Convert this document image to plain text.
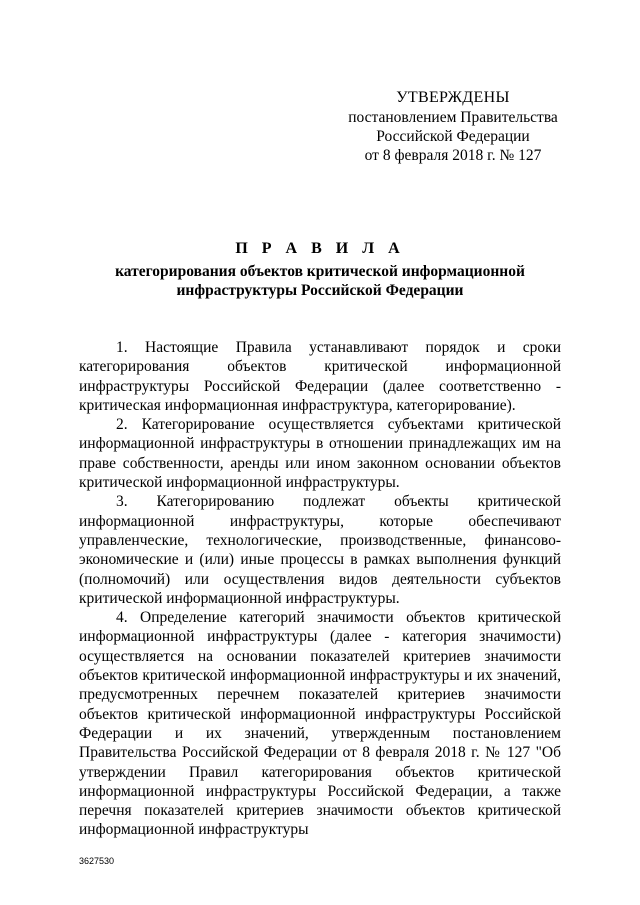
УТВЕРЖДЕНЫ
постановлением Правительства
Российской Федерации
от 8 февраля 2018 г. № 127
П Р А В И Л А
категорирования объектов критической информационной инфраструктуры Российской Федерации

1. Настоящие Правила устанавливают порядок и сроки категорирования объектов критической информационной инфраструктуры Российской Федерации (далее соответственно - критическая информационная инфраструктура, категорирование).

2. Категорирование осуществляется субъектами критической информационной инфраструктуры в отношении принадлежащих им на праве собственности, аренды или ином законном основании объектов критической информационной инфраструктуры.

3. Категорированию подлежат объекты критической информационной инфраструктуры, которые обеспечивают управленческие, технологические, производственные, финансово-экономические и (или) иные процессы в рамках выполнения функций (полномочий) или осуществления видов деятельности субъектов критической информационной инфраструктуры.

4. Определение категорий значимости объектов критической информационной инфраструктуры (далее - категория значимости) осуществляется на основании показателей критериев значимости объектов критической информационной инфраструктуры и их значений, предусмотренных перечнем показателей критериев значимости объектов критической информационной инфраструктуры Российской Федерации и их значений, утвержденным постановлением Правительства Российской Федерации от 8 февраля 2018 г. № 127 "Об утверждении Правил категорирования объектов критической информационной инфраструктуры Российской Федерации, а также перечня показателей критериев значимости объектов критической информационной инфраструктуры

3627530
